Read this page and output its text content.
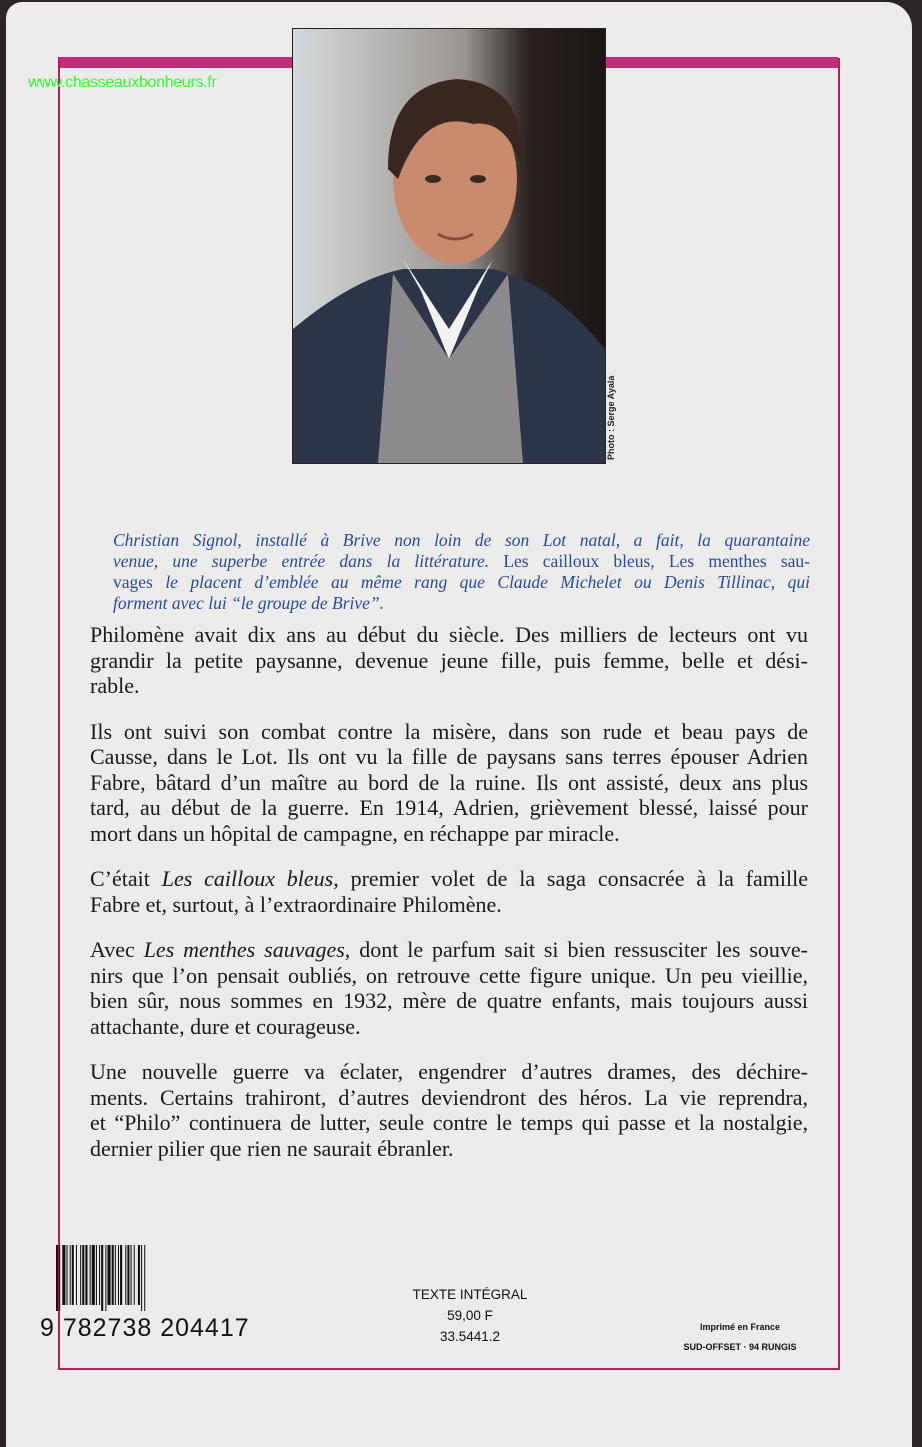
www.chasseauxbonheurs.fr
Photo : Serge Ayala
Christian Signol, installé à Brive non loin de son Lot natal, a fait, la quarantaine
venue, une superbe entrée dans la littérature. Les cailloux bleus, Les menthes sau-
vages le placent d’emblée au même rang que Claude Michelet ou Denis Tillinac, qui
forment avec lui “le groupe de Brive”.
Philomène avait dix ans au début du siècle. Des milliers de lecteurs ont vu
grandir la petite paysanne, devenue jeune fille, puis femme, belle et dési-
rable.
Ils ont suivi son combat contre la misère, dans son rude et beau pays de
Causse, dans le Lot. Ils ont vu la fille de paysans sans terres épouser Adrien
Fabre, bâtard d’un maître au bord de la ruine. Ils ont assisté, deux ans plus
tard, au début de la guerre. En 1914, Adrien, grièvement blessé, laissé pour
mort dans un hôpital de campagne, en réchappe par miracle.
C’était Les cailloux bleus, premier volet de la saga consacrée à la famille
Fabre et, surtout, à l’extraordinaire Philomène.
Avec Les menthes sauvages, dont le parfum sait si bien ressusciter les souve-
nirs que l’on pensait oubliés, on retrouve cette figure unique. Un peu vieillie,
bien sûr, nous sommes en 1932, mère de quatre enfants, mais toujours aussi
attachante, dure et courageuse.
Une nouvelle guerre va éclater, engendrer d’autres drames, des déchire-
ments. Certains trahiront, d’autres deviendront des héros. La vie reprendra,
et “Philo” continuera de lutter, seule contre le temps qui passe et la nostalgie,
dernier pilier que rien ne saurait ébranler.
9 782738 204417
TEXTE INTÉGRAL
59,00 F
33.5441.2
Imprimé en France
SUD-OFFSET · 94 RUNGIS
